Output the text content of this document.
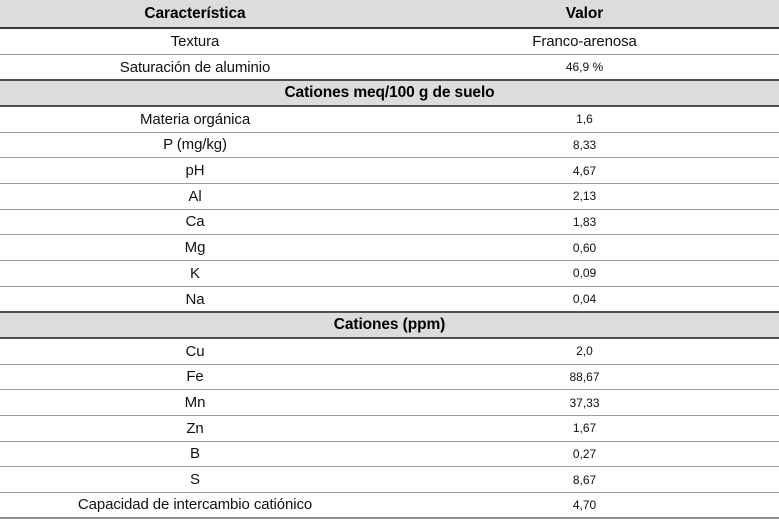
Característica	Valor
Textura	Franco-arenosa
Saturación de aluminio	46,9 %
Cationes meq/100 g de suelo
Materia orgánica	1,6
P (mg/kg)	8,33
pH	4,67
Al	2,13
Ca	1,83
Mg	0,60
K	0,09
Na	0,04
Cationes (ppm)
Cu	2,0
Fe	88,67
Mn	37,33
Zn	1,67
B	0,27
S	8,67
Capacidad de intercambio catiónico	4,70
